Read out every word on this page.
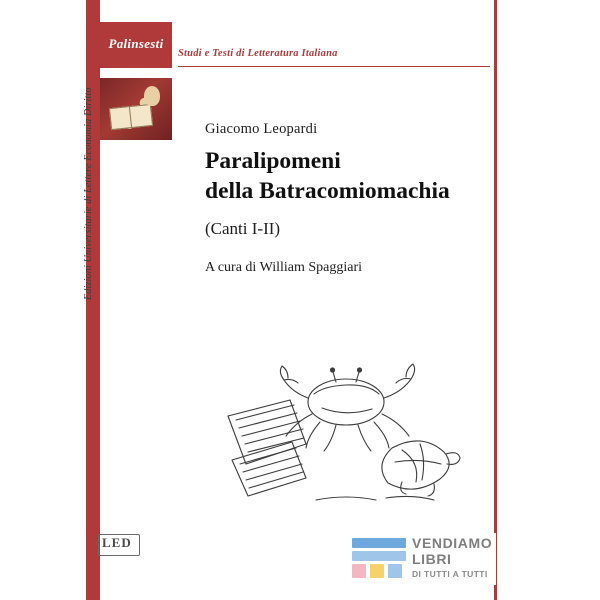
Palinsesti
Studi e Testi di Letteratura Italiana
Edizioni Universitarie di Lettere Economia Diritto
LED
Giacomo Leopardi
Paralipomeni
della Batracomiomachia
(Canti I-II)
A cura di William Spaggiari
VENDIAMO
LIBRI
DI TUTTI A TUTTI
